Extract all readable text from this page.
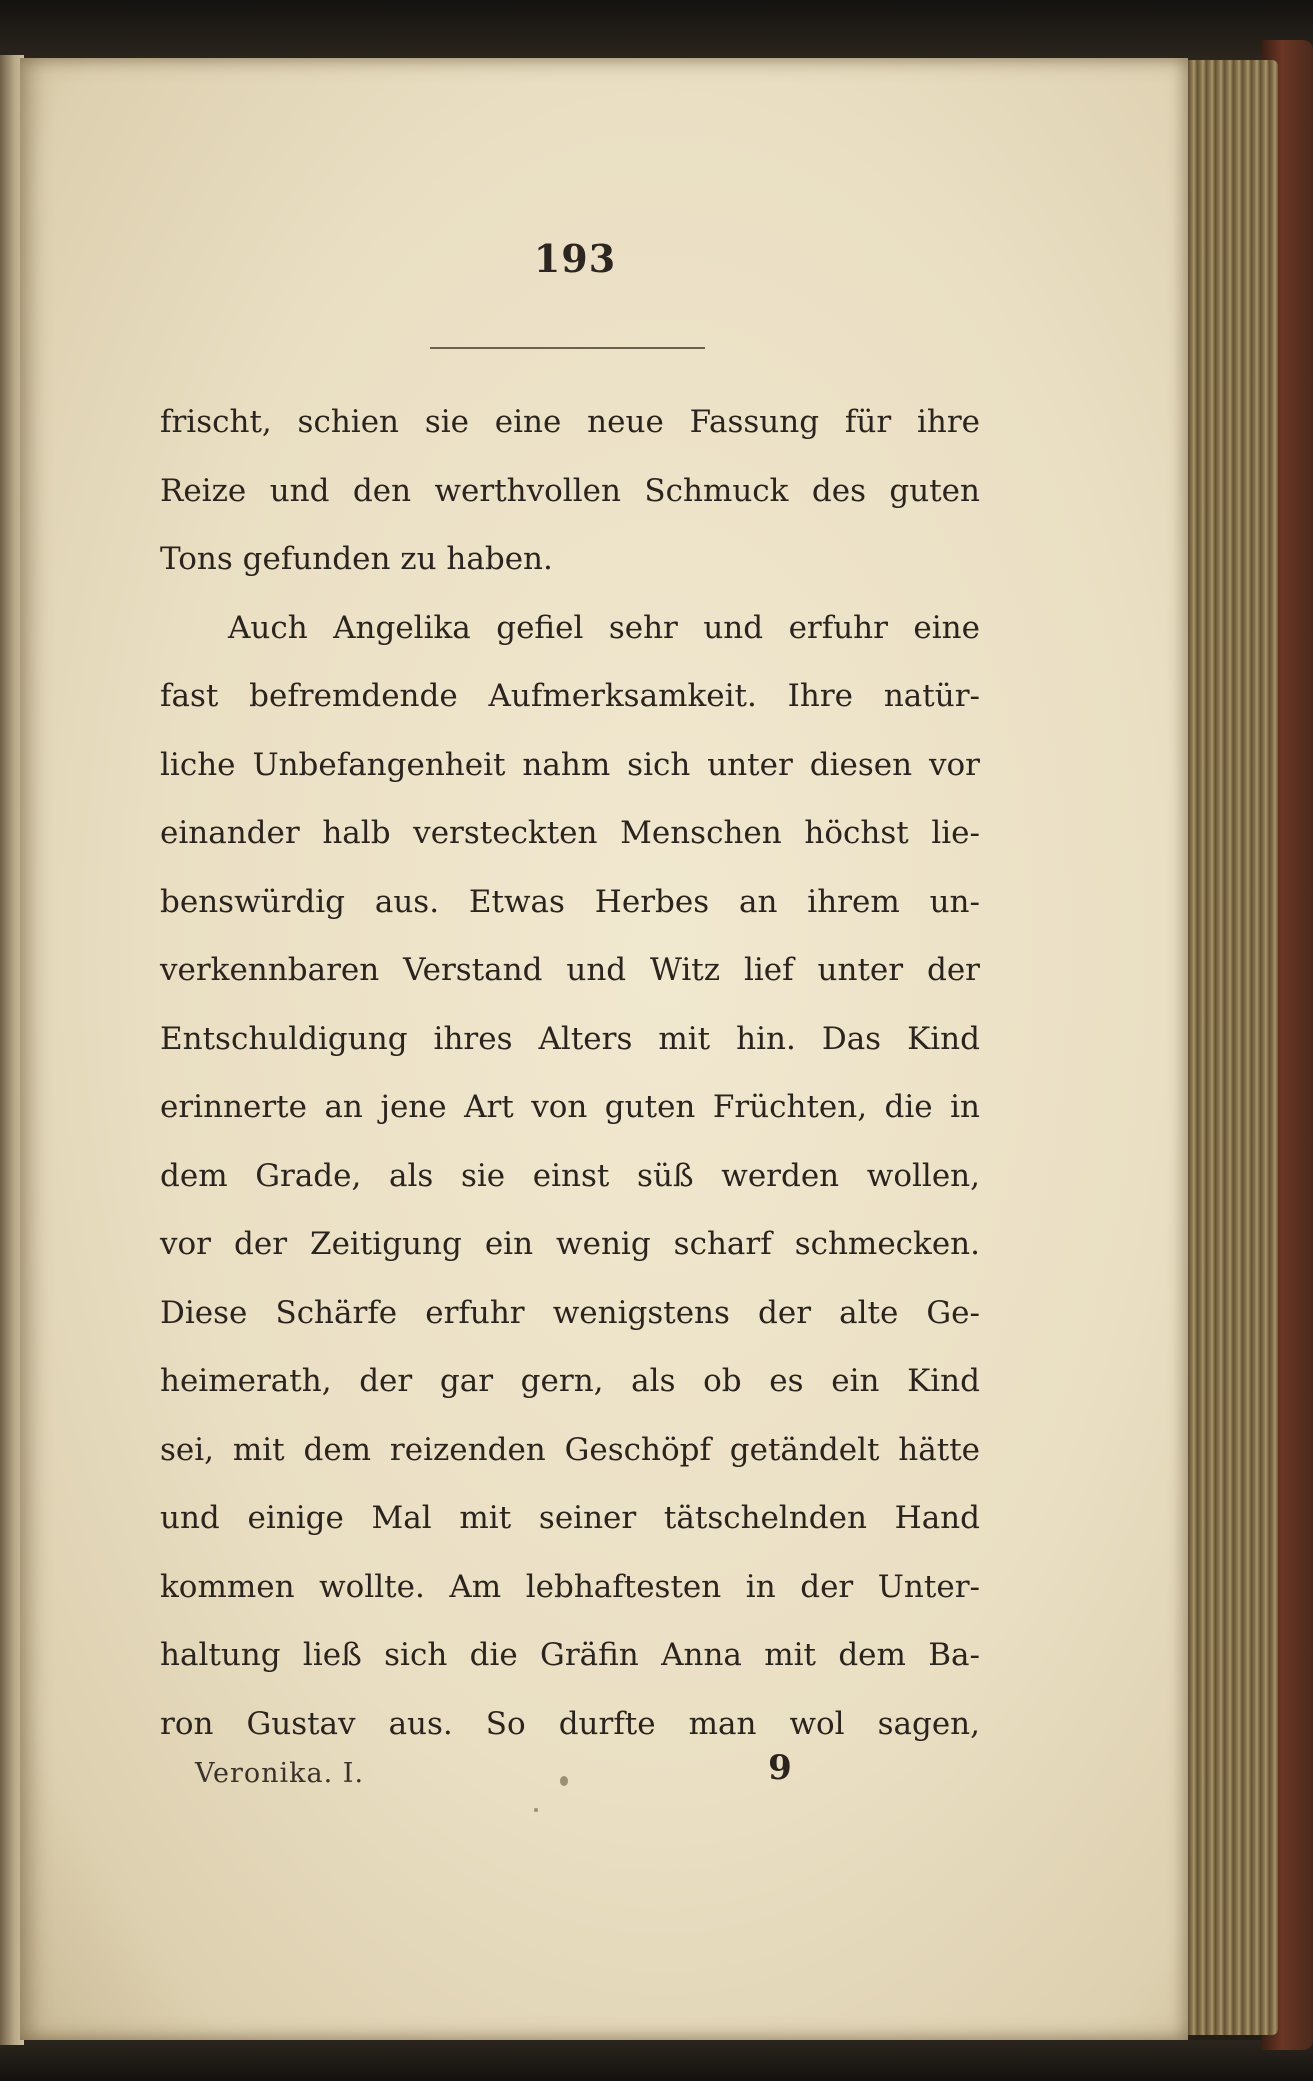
193
frischt, schien sie eine neue Fassung für ihre
Reize und den werthvollen Schmuck des guten
Tons gefunden zu haben.
Auch Angelika gefiel sehr und erfuhr eine
fast befremdende Aufmerksamkeit. Ihre natür-
liche Unbefangenheit nahm sich unter diesen vor
einander halb versteckten Menschen höchst lie-
benswürdig aus. Etwas Herbes an ihrem un-
verkennbaren Verstand und Witz lief unter der
Entschuldigung ihres Alters mit hin. Das Kind
erinnerte an jene Art von guten Früchten, die in
dem Grade, als sie einst süß werden wollen,
vor der Zeitigung ein wenig scharf schmecken.
Diese Schärfe erfuhr wenigstens der alte Ge-
heimerath, der gar gern, als ob es ein Kind
sei, mit dem reizenden Geschöpf getändelt hätte
und einige Mal mit seiner tätschelnden Hand
kommen wollte. Am lebhaftesten in der Unter-
haltung ließ sich die Gräfin Anna mit dem Ba-
ron Gustav aus. So durfte man wol sagen,
Veronika. I.	9
